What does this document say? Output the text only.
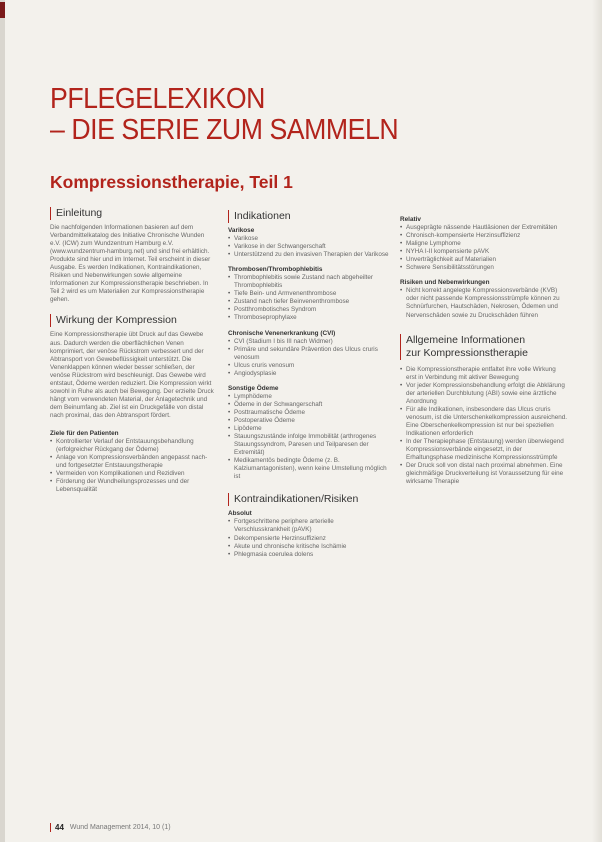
PFLEGELEXIKON
– DIE SERIE ZUM SAMMELN
Kompressionstherapie, Teil 1
Einleitung

Die nachfolgenden Informationen basieren auf dem Verbandmittelkatalog des Initiative Chronische Wunden e.V. (ICW) zum Wundzentrum Hamburg e.V. (www.wundzentrum-hamburg.net) und sind frei erhältlich. Produkte sind hier und im Internet. Teil erscheint in dieser Ausgabe. Es werden Indikationen, Kontraindikationen, Risiken und Nebenwirkungen sowie allgemeine Informationen zur Kompressionstherapie beschrieben. In Teil 2 wird es um Materialien zur Kompressionstherapie gehen.

Wirkung der Kompression

Eine Kompressionstherapie übt Druck auf das Gewebe aus. Dadurch werden die oberflächlichen Venen komprimiert, der venöse Rückstrom verbessert und der Abtransport von Gewebeflüssigkeit unterstützt. Die Venenklappen können wieder besser schließen, der venöse Rückstrom wird beschleunigt. Das Gewebe wird entstaut, Ödeme werden reduziert. Die Kompression wirkt sowohl in Ruhe als auch bei Bewegung. Der erzielte Druck hängt vom verwendeten Material, der Anlagetechnik und dem Beinumfang ab. Ziel ist ein Druckgefälle von distal nach proximal, das den Abtransport fördert.

Ziele für den Patienten
• Kontrollierter Verlauf der Entstauungsbehandlung (erfolgreicher Rückgang der Ödeme)
• Anlage von Kompressionsverbänden angepasst nach- und fortgesetzter Entstauungstherapie
• Vermeiden von Komplikationen und Rezidiven
• Förderung der Wundheilungsprozesses und der Lebensqualität
Indikationen
Varikose
• Varikose
• Varikose in der Schwangerschaft
• Unterstützend zu den invasiven Therapien der Varikose
Thrombosen/Thrombophlebitis
• Thrombophlebitis sowie Zustand nach abgeheilter Thrombophlebitis
• Tiefe Bein- und Armvenenthrombose
• Zustand nach tiefer Beinvenenthrombose
• Postthrombotisches Syndrom
• Thromboseprophylaxe
Chronische Venenerkrankung (CVI)
• CVI (Stadium I bis III nach Widmer)
• Primäre und sekundäre Prävention des Ulcus cruris venosum
• Ulcus cruris venosum
• Angiodysplasie
Sonstige Ödeme
• Lymphödeme
• Ödeme in der Schwangerschaft
• Posttraumatische Ödeme
• Postoperative Ödeme
• Lipödeme
• Stauungszustände infolge Immobilität (arthrogenes Stauungssyndrom, Paresen und Teilparesen der Extremität)
• Medikamentös bedingte Ödeme (z. B. Kalziumantagonisten), wenn keine Umstellung möglich ist
Kontraindikationen/Risiken
Absolut
• Fortgeschrittene periphere arterielle Verschlusskrankheit (pAVK)
• Dekompensierte Herzinsuffizienz
• Akute und chronische kritische Ischämie
• Phlegmasia coerulea dolens
Relativ
• Ausgeprägte nässende Hautläsionen der Extremitäten
• Chronisch-kompensierte Herzinsuffizienz
• Maligne Lymphome
• NYHA I-II kompensierte pAVK
• Unverträglichkeit auf Materialien
• Schwere Sensibilitätsstörungen
Risiken und Nebenwirkungen
• Nicht korrekt angelegte Kompressionsverbände (KVB) oder nicht passende Kompressionsstrümpfe können zu Schnürfurchen, Hautschäden, Nekrosen, Ödemen und Nervenschäden sowie zu Druckschäden führen
Allgemeine Informationen
zur Kompressionstherapie
• Die Kompressionstherapie entfaltet ihre volle Wirkung erst in Verbindung mit aktiver Bewegung
• Vor jeder Kompressionsbehandlung erfolgt die Abklärung der arteriellen Durchblutung (ABI) sowie eine ärztliche Anordnung
• Für alle Indikationen, insbesondere das Ulcus cruris venosum, ist die Unterschenkelkompression ausreichend. Eine Oberschenkelkompression ist nur bei speziellen Indikationen erforderlich
• In der Therapiephase (Entstauung) werden überwiegend Kompressionsverbände eingesetzt, in der Erhaltungsphase medizinische Kompressionsstrümpfe
• Der Druck soll von distal nach proximal abnehmen. Eine gleichmäßige Druckverteilung ist Voraussetzung für eine wirksame Therapie
44 Wund Management 2014, 10 (1)
